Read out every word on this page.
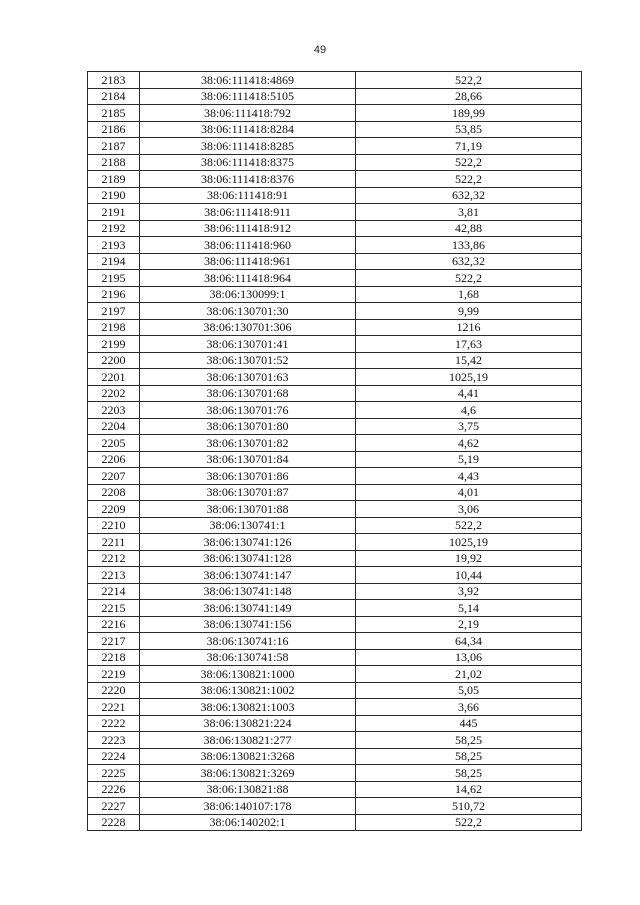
49
2183	38:06:111418:4869	522,2
2184	38:06:111418:5105	28,66
2185	38:06:111418:792	189,99
2186	38:06:111418:8284	53,85
2187	38:06:111418:8285	71,19
2188	38:06:111418:8375	522,2
2189	38:06:111418:8376	522,2
2190	38:06:111418:91	632,32
2191	38:06:111418:911	3,81
2192	38:06:111418:912	42,88
2193	38:06:111418:960	133,86
2194	38:06:111418:961	632,32
2195	38:06:111418:964	522,2
2196	38:06:130099:1	1,68
2197	38:06:130701:30	9,99
2198	38:06:130701:306	1216
2199	38:06:130701:41	17,63
2200	38:06:130701:52	15,42
2201	38:06:130701:63	1025,19
2202	38:06:130701:68	4,41
2203	38:06:130701:76	4,6
2204	38:06:130701:80	3,75
2205	38:06:130701:82	4,62
2206	38:06:130701:84	5,19
2207	38:06:130701:86	4,43
2208	38:06:130701:87	4,01
2209	38:06:130701:88	3,06
2210	38:06:130741:1	522,2
2211	38:06:130741:126	1025,19
2212	38:06:130741:128	19,92
2213	38:06:130741:147	10,44
2214	38:06:130741:148	3,92
2215	38:06:130741:149	5,14
2216	38:06:130741:156	2,19
2217	38:06:130741:16	64,34
2218	38:06:130741:58	13,06
2219	38:06:130821:1000	21,02
2220	38:06:130821:1002	5,05
2221	38:06:130821:1003	3,66
2222	38:06:130821:224	445
2223	38:06:130821:277	58,25
2224	38:06:130821:3268	58,25
2225	38:06:130821:3269	58,25
2226	38:06:130821:88	14,62
2227	38:06:140107:178	510,72
2228	38:06:140202:1	522,2
